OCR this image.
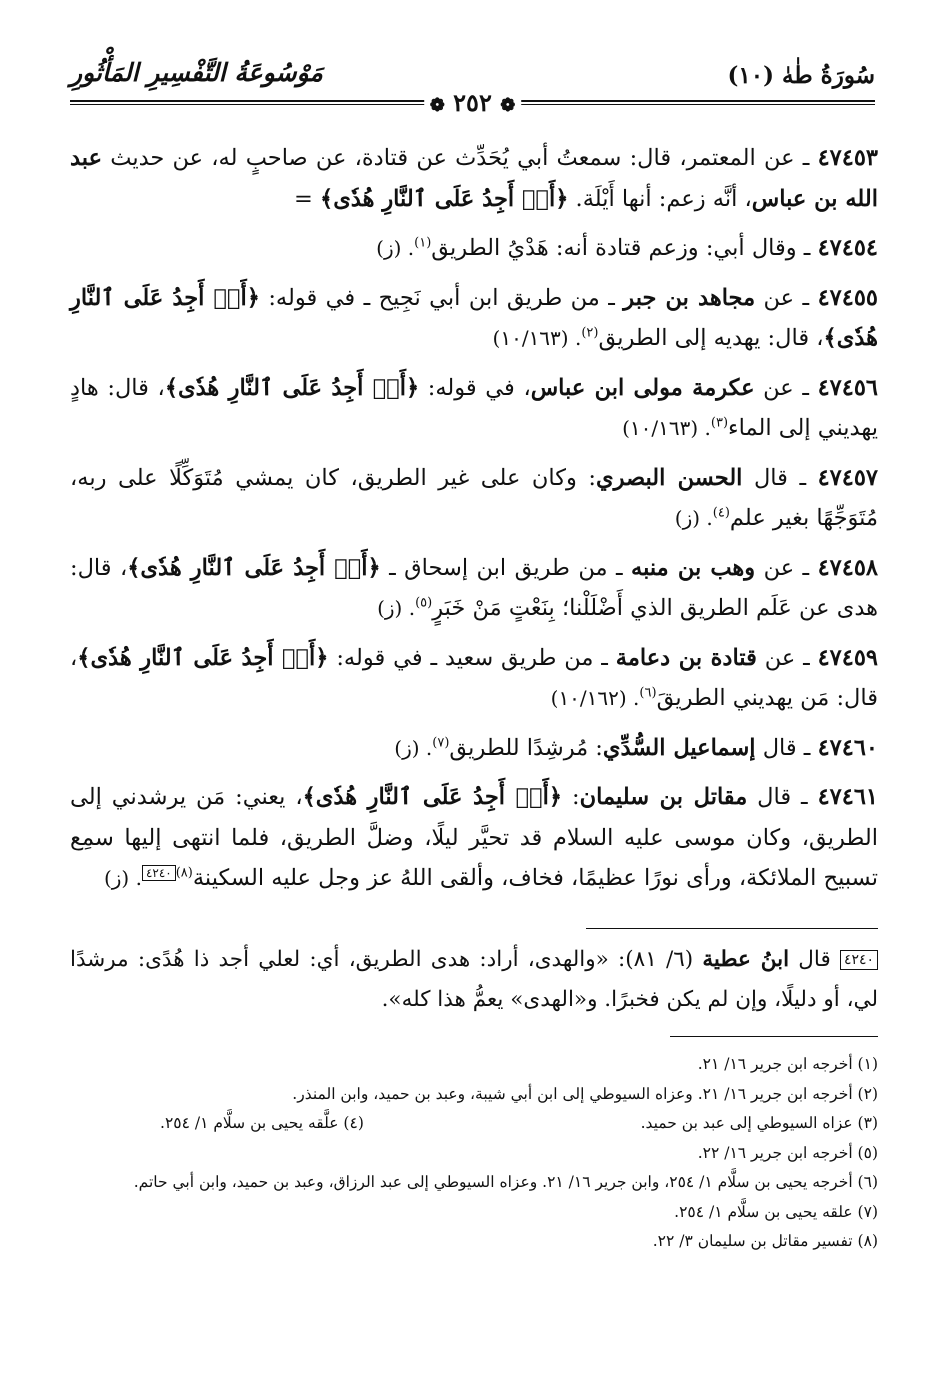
سُورَةُ طٰهٰ (١٠)
مَوْسُوعَةُ التَّفْسِيرِ المَأْثُورِ
❁ ٢٥٢ ❁

٤٧٤٥٣ ـ عن المعتمر، قال: سمعتُ أبي يُحَدِّث عن قتادة، عن صاحبٍ له، عن حديث عبد الله بن عباس، أنَّه زعم: أنها أَيْلَة. ﴿أَوۡ أَجِدُ عَلَى ٱلنَّارِ هُدٗى﴾ =

٤٧٤٥٤ ـ وقال أبي: وزعم قتادة أنه: هَدْيُ الطريق$^{(١)}$. (ز)

٤٧٤٥٥ ـ عن مجاهد بن جبر ـ من طريق ابن أبي نَجِيح ـ في قوله: ﴿أَوۡ أَجِدُ عَلَى ٱلنَّارِ هُدٗى﴾، قال: يهديه إلى الطريق$^{(٢)}$. (١٠/١٦٣)

٤٧٤٥٦ ـ عن عكرمة مولى ابن عباس، في قوله: ﴿أَوۡ أَجِدُ عَلَى ٱلنَّارِ هُدٗى﴾، قال: هادٍ يهديني إلى الماء$^{(٣)}$. (١٠/١٦٣)

٤٧٤٥٧ ـ قال الحسن البصري: وكان على غير الطريق، كان يمشي مُتَوَكِّلًا على ربه، مُتَوَجِّهًا بغير علم$^{(٤)}$. (ز)

٤٧٤٥٨ ـ عن وهب بن منبه ـ من طريق ابن إسحاق ـ ﴿أَوۡ أَجِدُ عَلَى ٱلنَّارِ هُدٗى﴾، قال: هدى عن عَلَم الطريق الذي أَضْلَلْنا؛ بِنَعْتٍ مَنْ خَبَرٍ$^{(٥)}$. (ز)

٤٧٤٥٩ ـ عن قتادة بن دعامة ـ من طريق سعيد ـ في قوله: ﴿أَوۡ أَجِدُ عَلَى ٱلنَّارِ هُدٗى﴾، قال: مَن يهديني الطريقَ$^{(٦)}$. (١٠/١٦٢)

٤٧٤٦٠ ـ قال إسماعيل السُّدِّي: مُرشِدًا للطريق$^{(٧)}$. (ز)

٤٧٤٦١ ـ قال مقاتل بن سليمان: ﴿أَوۡ أَجِدُ عَلَى ٱلنَّارِ هُدٗى﴾، يعني: مَن يرشدني إلى الطريق، وكان موسى عليه السلام قد تحيَّر ليلًا، وضلَّ الطريق، فلما انتهى إليها سمِع تسبيح الملائكة، ورأى نورًا عظيمًا، فخاف، وألقى اللهُ عز وجل عليه السكينة$^{(٨)}$٤٢٤٠. (ز)

٤٢٤٠ قال ابنُ عطية (٦/ ٨١): «والهدى، أراد: هدى الطريق، أي: لعلي أجد ذا هُدًى: مرشدًا لي، أو دليلًا، وإن لم يكن فخبرًا. و«الهدى» يعمُّ هذا كله».

(١) أخرجه ابن جرير ١٦/ ٢١.

(٢) أخرجه ابن جرير ١٦/ ٢١. وعزاه السيوطي إلى ابن أبي شيبة، وعبد بن حميد، وابن المنذر.

(٣) عزاه السيوطي إلى عبد بن حميد.
(٤) علَّقه يحيى بن سلَّام ١/ ٢٥٤.

(٥) أخرجه ابن جرير ١٦/ ٢٢.

(٦) أخرجه يحيى بن سلَّام ١/ ٢٥٤، وابن جرير ١٦/ ٢١. وعزاه السيوطي إلى عبد الرزاق، وعبد بن حميد، وابن أبي حاتم.

(٧) علقه يحيى بن سلَّام ١/ ٢٥٤.

(٨) تفسير مقاتل بن سليمان ٣/ ٢٢.
